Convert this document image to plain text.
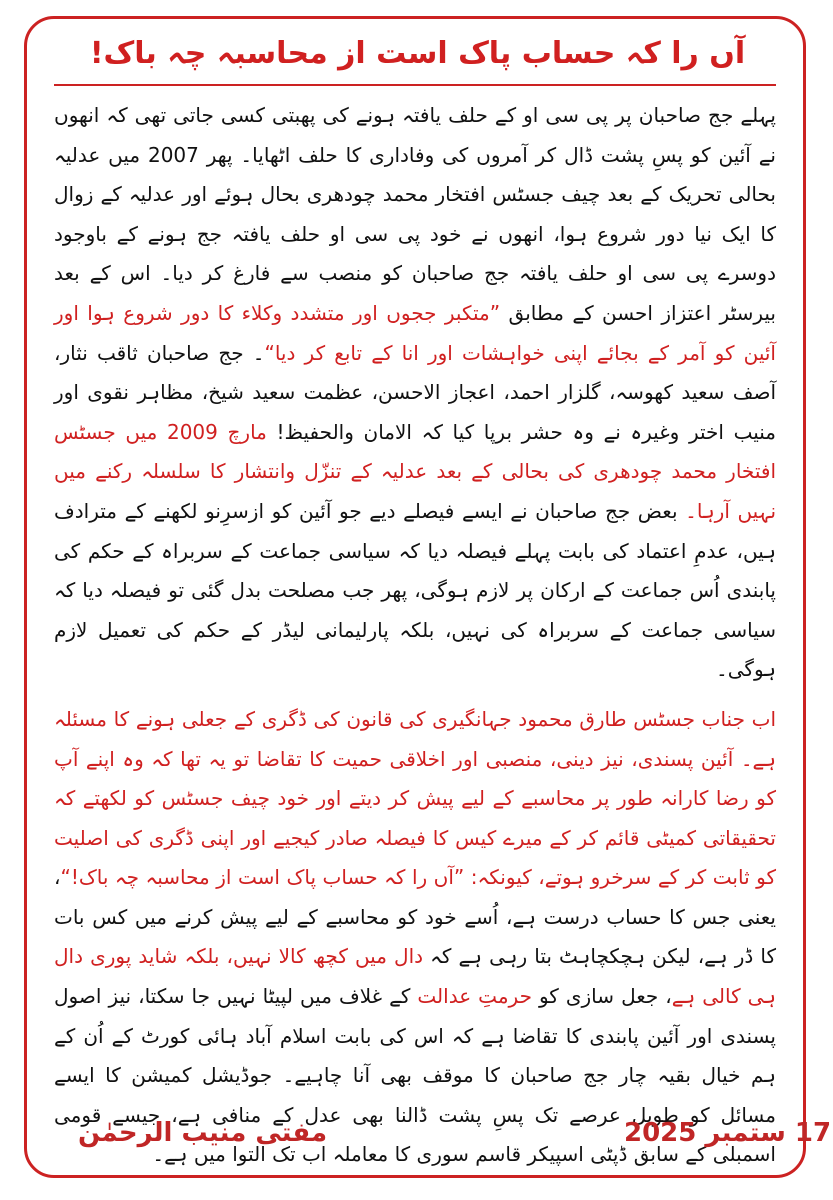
آں را کہ حساب پاک است از محاسبہ چہ باک!

پہلے جج صاحبان پر پی سی او کے حلف یافتہ ہونے کی پھبتی کسی جاتی تھی کہ انھوں نے آئین کو پسِ پشت ڈال کر آمروں کی وفاداری کا حلف اٹھایا۔ پھر 2007 میں عدلیہ بحالی تحریک کے بعد چیف جسٹس افتخار محمد چودھری بحال ہوئے اور عدلیہ کے زوال کا ایک نیا دور شروع ہوا، انھوں نے خود پی سی او حلف یافتہ جج ہونے کے باوجود دوسرے پی سی او حلف یافتہ جج صاحبان کو منصب سے فارغ کر دیا۔ اس کے بعد بیرسٹر اعتزاز احسن کے مطابق ”متکبر ججوں اور متشدد وکلاء کا دور شروع ہوا اور آئین کو آمر کے بجائے اپنی خواہشات اور انا کے تابع کر دیا“۔ جج صاحبان ثاقب نثار، آصف سعید کھوسہ، گلزار احمد، اعجاز الاحسن، عظمت سعید شیخ، مظاہر نقوی اور منیب اختر وغیرہ نے وہ حشر برپا کیا کہ الامان والحفیظ! مارچ 2009 میں جسٹس افتخار محمد چودھری کی بحالی کے بعد عدلیہ کے تنزّل وانتشار کا سلسلہ رکنے میں نہیں آرہا۔ بعض جج صاحبان نے ایسے فیصلے دیے جو آئین کو ازسرِنو لکھنے کے مترادف ہیں، عدمِ اعتماد کی بابت پہلے فیصلہ دیا کہ سیاسی جماعت کے سربراہ کے حکم کی پابندی اُس جماعت کے ارکان پر لازم ہوگی، پھر جب مصلحت بدل گئی تو فیصلہ دیا کہ سیاسی جماعت کے سربراہ کی نہیں، بلکہ پارلیمانی لیڈر کے حکم کی تعمیل لازم ہوگی۔

اب جناب جسٹس طارق محمود جہانگیری کی قانون کی ڈگری کے جعلی ہونے کا مسئلہ ہے۔ آئین پسندی، نیز دینی، منصبی اور اخلاقی حمیت کا تقاضا تو یہ تھا کہ وہ اپنے آپ کو رضا کارانہ طور پر محاسبے کے لیے پیش کر دیتے اور خود چیف جسٹس کو لکھتے کہ تحقیقاتی کمیٹی قائم کر کے میرے کیس کا فیصلہ صادر کیجیے اور اپنی ڈگری کی اصلیت کو ثابت کر کے سرخرو ہوتے، کیونکہ: ”آں را کہ حساب پاک است از محاسبہ چہ باک!“، یعنی جس کا حساب درست ہے، اُسے خود کو محاسبے کے لیے پیش کرنے میں کس بات کا ڈر ہے، لیکن ہچکچاہٹ بتا رہی ہے کہ دال میں کچھ کالا نہیں، بلکہ شاید پوری دال ہی کالی ہے، جعل سازی کو حرمتِ عدالت کے غلاف میں لپیٹا نہیں جا سکتا، نیز اصول پسندی اور آئین پابندی کا تقاضا ہے کہ اس کی بابت اسلام آباد ہائی کورٹ کے اُن کے ہم خیال بقیہ چار جج صاحبان کا موقف بھی آنا چاہیے۔ جوڈیشل کمیشن کا ایسے مسائل کو طویل عرصے تک پسِ پشت ڈالنا بھی عدل کے منافی ہے، جیسے قومی اسمبلی کے سابق ڈپٹی اسپیکر قاسم سوری کا معاملہ اب تک التوا میں ہے۔

مفتی منیب الرحمٰن	17 ستمبر 2025
